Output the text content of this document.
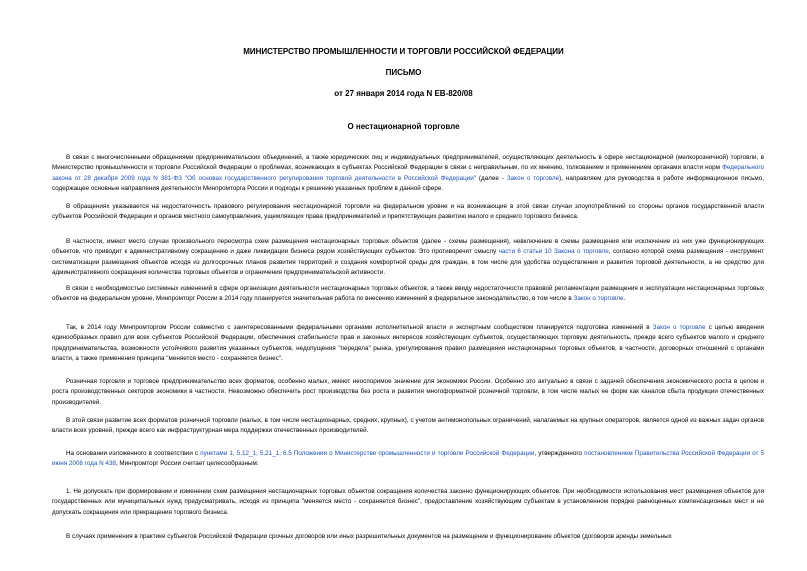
МИНИСТЕРСТВО ПРОМЫШЛЕННОСТИ И ТОРГОВЛИ РОССИЙСКОЙ ФЕДЕРАЦИИ
ПИСЬМО
от 27 января 2014 года N ЕВ-820/08
О нестационарной торговле
В связи с многочисленными обращениями предпринимательских объединений, а также юридических лиц и индивидуальных предпринимателей, осуществляющих деятельность в сфере нестационарной (мелкорозничной) торговли, в Министерство промышленности и торговли Российской Федерации о проблемах, возникающих в субъектах Российской Федерации в связи с неправильным, по их мнению, толкованием и применением органами власти норм Федерального закона от 28 декабря 2009 года N 381-ФЗ "Об основах государственного регулирования торговой деятельности в Российской Федерации" (далее - Закон о торговле), направляем для руководства в работе информационное письмо, содержащее основные направления деятельности Минпромторга России и подходы к решению указанных проблем в данной сфере.
В обращениях указывается на недостаточность правового регулирования нестационарной торговли на федеральном уровне и на возникающие в этой связи случаи злоупотреблений со стороны органов государственной власти субъектов Российской Федерации и органов местного самоуправления, ущемляющих права предпринимателей и препятствующих развитию малого и среднего торгового бизнеса.
В частности, имеют место случаи произвольного пересмотра схем размещения нестационарных торговых объектов (далее - схемы размещения), невключение в схемы размещения или исключение из них уже функционирующих объектов, что приводит к административному сокращению и даже ликвидации бизнеса рядом хозяйствующих субъектов. Это противоречит смыслу части 6 статьи 10 Закона о торговле, согласно которой схема размещения - инструмент систематизации размещения объектов исходя из долгосрочных планов развития территорий и создания комфортной среды для граждан, в том числе для удобства осуществления и развития торговой деятельности, а не средство для административного сокращения количества торговых объектов и ограничения предпринимательской активности.
В связи с необходимостью системных изменений в сфере организации деятельности нестационарных торговых объектов, а также ввиду недостаточности правовой регламентации размещения и эксплуатации нестационарных торговых объектов на федеральном уровне, Минпромторг России в 2014 году планируется значительная работа по внесению изменений в федеральное законодательство, в том числе в Закон о торговле.
Так, в 2014 году Минпромторгом России совместно с заинтересованными федеральными органами исполнительной власти и экспертным сообществом планируется подготовка изменений в Закон о торговле с целью введения единообразных правил для всех субъектов Российской Федерации, обеспечения стабильности прав и законных интересов хозяйствующих субъектов, осуществляющих торговую деятельность, прежде всего субъектов малого и среднего предпринимательства, возможности устойчивого развития указанных субъектов, недопущения "передела" рынка, урегулирования правил размещения нестационарных торговых объектов, в частности, договорных отношений с органами власти, а также применения принципа "меняется место - сохраняется бизнес".
Розничная торговля и торговое предпринимательство всех форматов, особенно малых, имеют неоспоримое значение для экономики России. Особенно это актуально в связи с задачей обеспечения экономического роста в целом и роста производственных секторов экономики в частности. Невозможно обеспечить рост производства без роста и развития многоформатной розничной торговли, в том числе малых ее форм как каналов сбыта продукции отечественных производителей.
В этой связи развитие всех форматов розничной торговли (малых, в том числе нестационарных, средних, крупных), с учетом антимонопольных ограничений, налагаемых на крупных операторов, является одной из важных задач органов власти всех уровней, прежде всего как инфраструктурная мера поддержки отечественных производителей.
На основании изложенного в соответствии с пунктами 1, 5.12_1, 5.21_1, 6.5 Положения о Министерстве промышленности и торговли Российской Федерации, утвержденного постановлением Правительства Российской Федерации от 5 июня 2008 года N 438, Минпромторг России считает целесообразным:
1. Не допускать при формировании и изменении схем размещения нестационарных торговых объектов сокращения количества законно функционирующих объектов. При необходимости использования мест размещения объектов для государственных или муниципальных нужд предусматривать, исходя из принципа "меняется место - сохраняется бизнес", предоставление хозяйствующим субъектам в установленном порядке равноценных компенсационных мест и не допускать сокращения или прекращения торгового бизнеса.
В случаях применения в практике субъектов Российской Федерации срочных договоров или иных разрешительных документов на размещение и функционирование объектов (договоров аренды земельных
